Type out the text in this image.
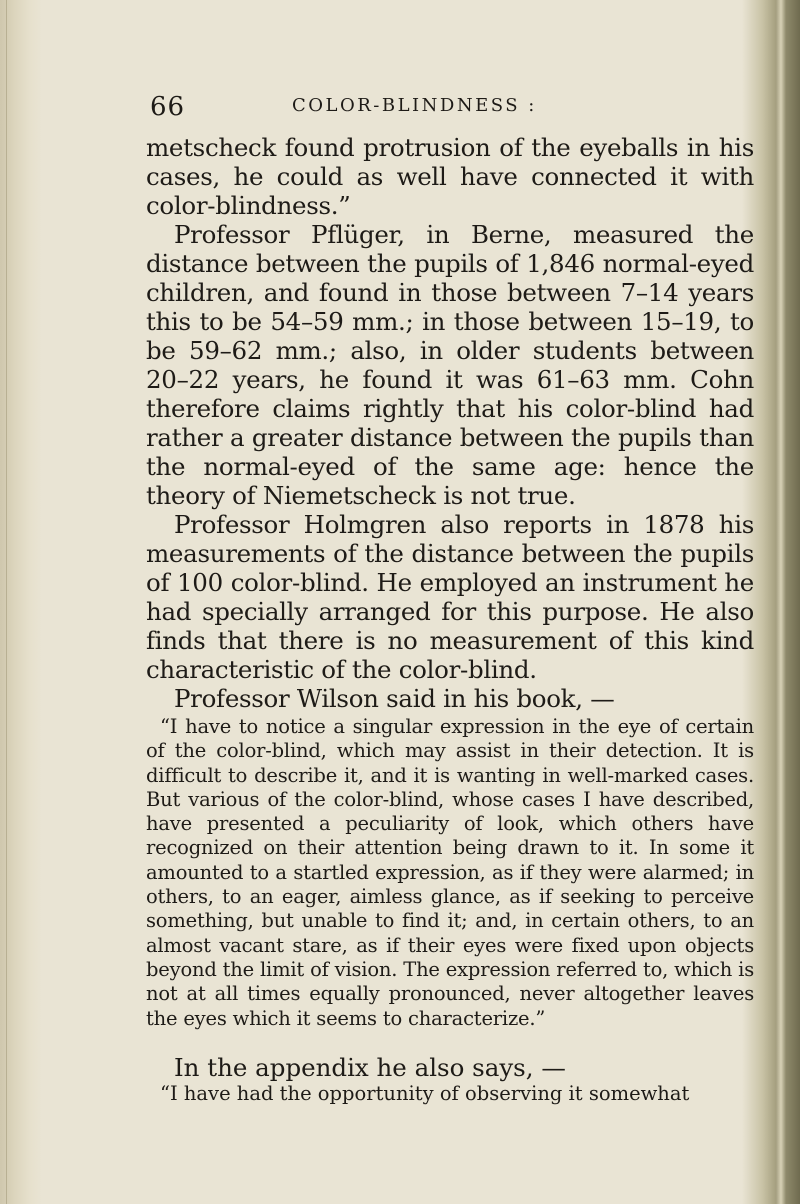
66	COLOR-BLINDNESS :

metscheck found protrusion of the eyeballs in his cases, he could as well have connected it with color-blindness.”

Professor Pflüger, in Berne, measured the distance between the pupils of 1,846 normal-eyed children, and found in those between 7–14 years this to be 54–59 mm.; in those between 15–19, to be 59–62 mm.; also, in older students between 20–22 years, he found it was 61–63 mm. Cohn therefore claims rightly that his color-blind had rather a greater distance between the pupils than the normal-eyed of the same age: hence the theory of Niemetscheck is not true.

Professor Holmgren also reports in 1878 his measurements of the distance between the pupils of 100 color-blind. He employed an instrument he had specially arranged for this purpose. He also finds that there is no measurement of this kind characteristic of the color-blind.

Professor Wilson said in his book, —

“I have to notice a singular expression in the eye of certain of the color-blind, which may assist in their detection. It is difficult to describe it, and it is wanting in well-marked cases. But various of the color-blind, whose cases I have described, have presented a peculiarity of look, which others have recognized on their attention being drawn to it. In some it amounted to a startled expression, as if they were alarmed; in others, to an eager, aimless glance, as if seeking to perceive something, but unable to find it; and, in certain others, to an almost vacant stare, as if their eyes were fixed upon objects beyond the limit of vision. The expression referred to, which is not at all times equally pronounced, never altogether leaves the eyes which it seems to characterize.”

In the appendix he also says, —

“I have had the opportunity of observing it somewhat
